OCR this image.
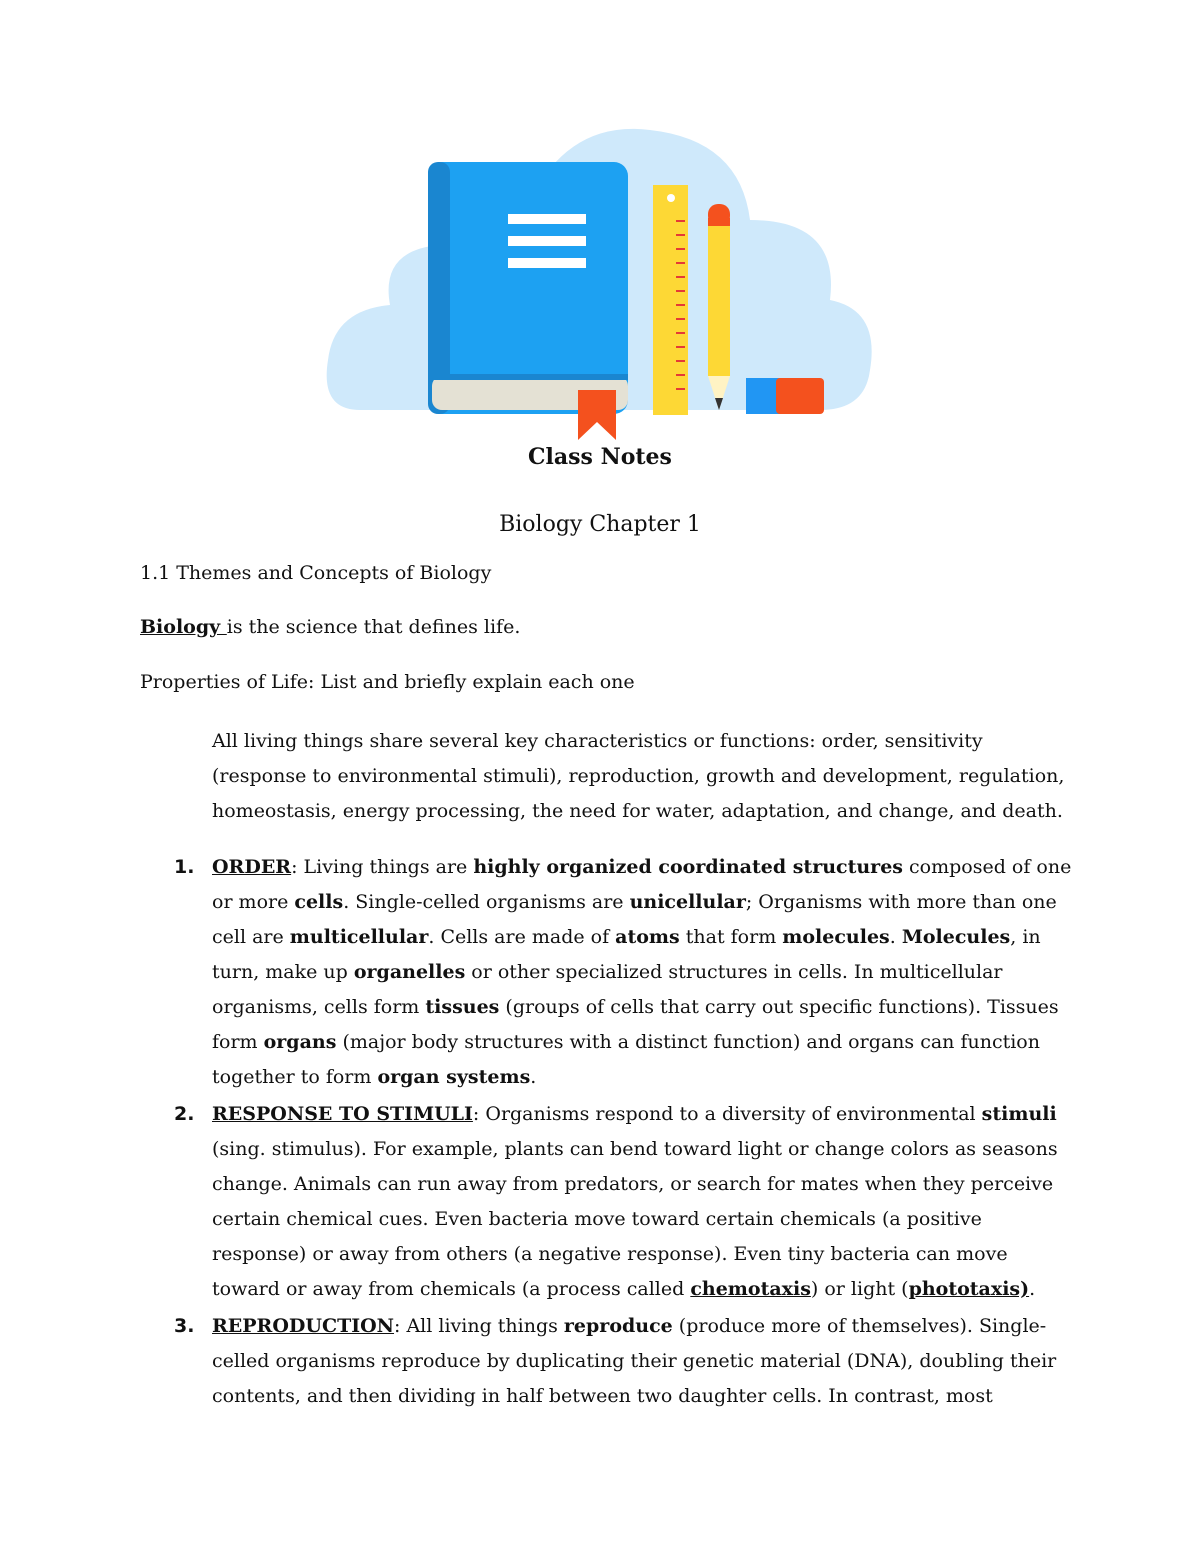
Class Notes
Biology Chapter 1

1.1 Themes and Concepts of Biology

Biology is the science that defines life.

Properties of Life: List and briefly explain each one

All living things share several key characteristics or functions: order, sensitivity (response to environmental stimuli), reproduction, growth and development, regulation, homeostasis, energy processing, the need for water, adaptation, and change, and death.

1. ORDER: Living things are highly organized coordinated structures composed of one or more cells. Single-celled organisms are unicellular; Organisms with more than one cell are multicellular. Cells are made of atoms that form molecules. Molecules, in turn, make up organelles or other specialized structures in cells. In multicellular organisms, cells form tissues (groups of cells that carry out specific functions). Tissues form organs (major body structures with a distinct function) and organs can function together to form organ systems.
2. RESPONSE TO STIMULI: Organisms respond to a diversity of environmental stimuli (sing. stimulus). For example, plants can bend toward light or change colors as seasons change. Animals can run away from predators, or search for mates when they perceive certain chemical cues. Even bacteria move toward certain chemicals (a positive response) or away from others (a negative response). Even tiny bacteria can move toward or away from chemicals (a process called chemotaxis) or light (phototaxis).
3. REPRODUCTION: All living things reproduce (produce more of themselves). Single-celled organisms reproduce by duplicating their genetic material (DNA), doubling their contents, and then dividing in half between two daughter cells. In contrast, most
